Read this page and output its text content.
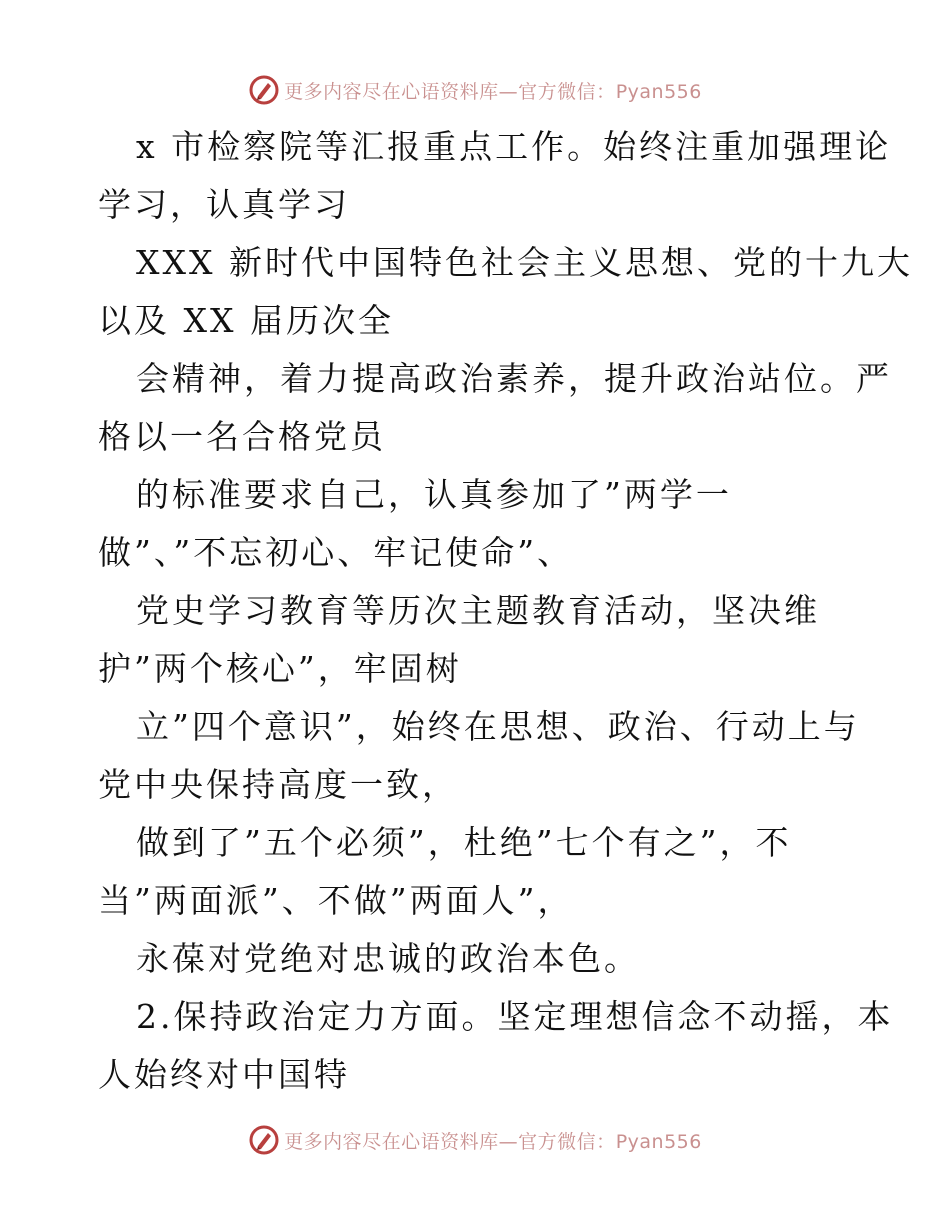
更多内容尽在心语资料库—官方微信：Pyan556
x 市检察院等汇报重点工作。始终注重加强理论
学习，认真学习
XXX 新时代中国特色社会主义思想、党的十九大
以及 XX 届历次全
会精神，着力提高政治素养，提升政治站位。严
格以一名合格党员
的标准要求自己，认真参加了”两学一
做”、”不忘初心、牢记使命”、
党史学习教育等历次主题教育活动，坚决维
护”两个核心”，牢固树
立”四个意识”，始终在思想、政治、行动上与
党中央保持高度一致，
做到了”五个必须”，杜绝”七个有之”，不
当”两面派”、不做”两面人”，
永葆对党绝对忠诚的政治本色。
2.保持政治定力方面。坚定理想信念不动摇，本
人始终对中国特
更多内容尽在心语资料库—官方微信：Pyan556
